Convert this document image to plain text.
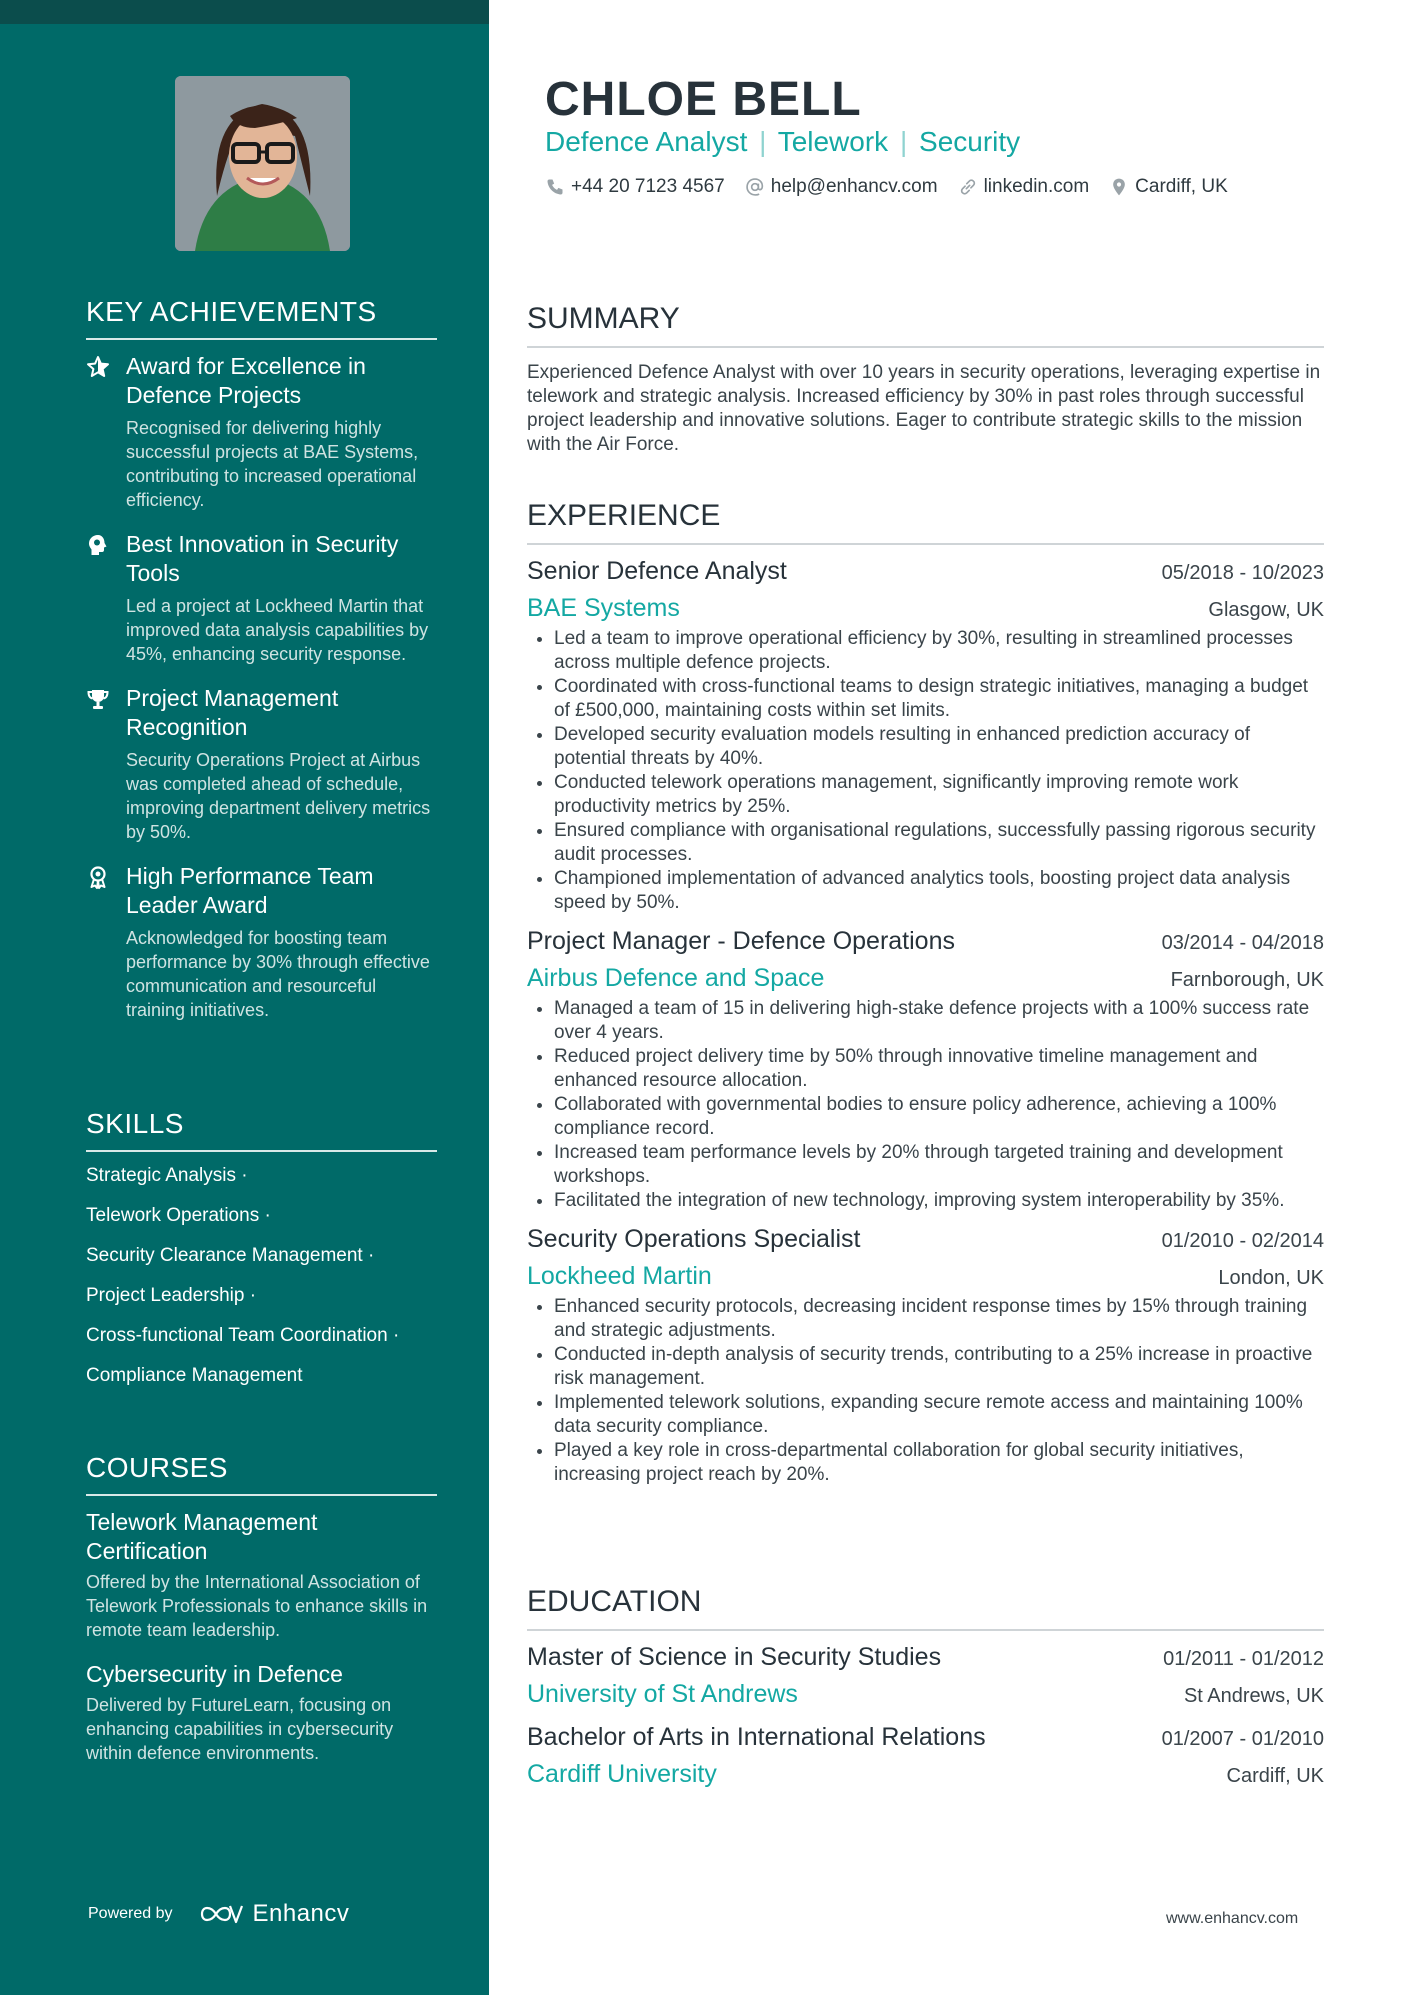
KEY ACHIEVEMENTS
Award for Excellence in Defence Projects
Recognised for delivering highly successful projects at BAE Systems, contributing to increased operational efficiency.
Best Innovation in Security Tools
Led a project at Lockheed Martin that improved data analysis capabilities by 45%, enhancing security response.
Project Management Recognition
Security Operations Project at Airbus was completed ahead of schedule, improving department delivery metrics by 50%.
High Performance Team Leader Award
Acknowledged for boosting team performance by 30% through effective communication and resourceful training initiatives.
SKILLS
Strategic Analysis ·
Telework Operations ·
Security Clearance Management ·
Project Leadership ·
Cross-functional Team Coordination ·
Compliance Management
COURSES
Telework Management Certification
Offered by the International Association of Telework Professionals to enhance skills in remote team leadership.
Cybersecurity in Defence
Delivered by FutureLearn, focusing on enhancing capabilities in cybersecurity within defence environments.
Powered by	Enhancv
CHLOE BELL
Defence Analyst | Telework | Security
+44 20 7123 4567 help@enhancv.com linkedin.com Cardiff, UK
SUMMARY
Experienced Defence Analyst with over 10 years in security operations, leveraging expertise in telework and strategic analysis. Increased efficiency by 30% in past roles through successful project leadership and innovative solutions. Eager to contribute strategic skills to the mission with the Air Force.
EXPERIENCE
Senior Defence Analyst	05/2018 - 10/2023
BAE Systems	Glasgow, UK
• Led a team to improve operational efficiency by 30%, resulting in streamlined processes across multiple defence projects.
• Coordinated with cross-functional teams to design strategic initiatives, managing a budget of £500,000, maintaining costs within set limits.
• Developed security evaluation models resulting in enhanced prediction accuracy of potential threats by 40%.
• Conducted telework operations management, significantly improving remote work productivity metrics by 25%.
• Ensured compliance with organisational regulations, successfully passing rigorous security audit processes.
• Championed implementation of advanced analytics tools, boosting project data analysis speed by 50%.
Project Manager - Defence Operations	03/2014 - 04/2018
Airbus Defence and Space	Farnborough, UK
• Managed a team of 15 in delivering high-stake defence projects with a 100% success rate over 4 years.
• Reduced project delivery time by 50% through innovative timeline management and enhanced resource allocation.
• Collaborated with governmental bodies to ensure policy adherence, achieving a 100% compliance record.
• Increased team performance levels by 20% through targeted training and development workshops.
• Facilitated the integration of new technology, improving system interoperability by 35%.
Security Operations Specialist	01/2010 - 02/2014
Lockheed Martin	London, UK
• Enhanced security protocols, decreasing incident response times by 15% through training and strategic adjustments.
• Conducted in-depth analysis of security trends, contributing to a 25% increase in proactive risk management.
• Implemented telework solutions, expanding secure remote access and maintaining 100% data security compliance.
• Played a key role in cross-departmental collaboration for global security initiatives, increasing project reach by 20%.
EDUCATION
Master of Science in Security Studies	01/2011 - 01/2012
University of St Andrews	St Andrews, UK
Bachelor of Arts in International Relations	01/2007 - 01/2010
Cardiff University	Cardiff, UK
www.enhancv.com
